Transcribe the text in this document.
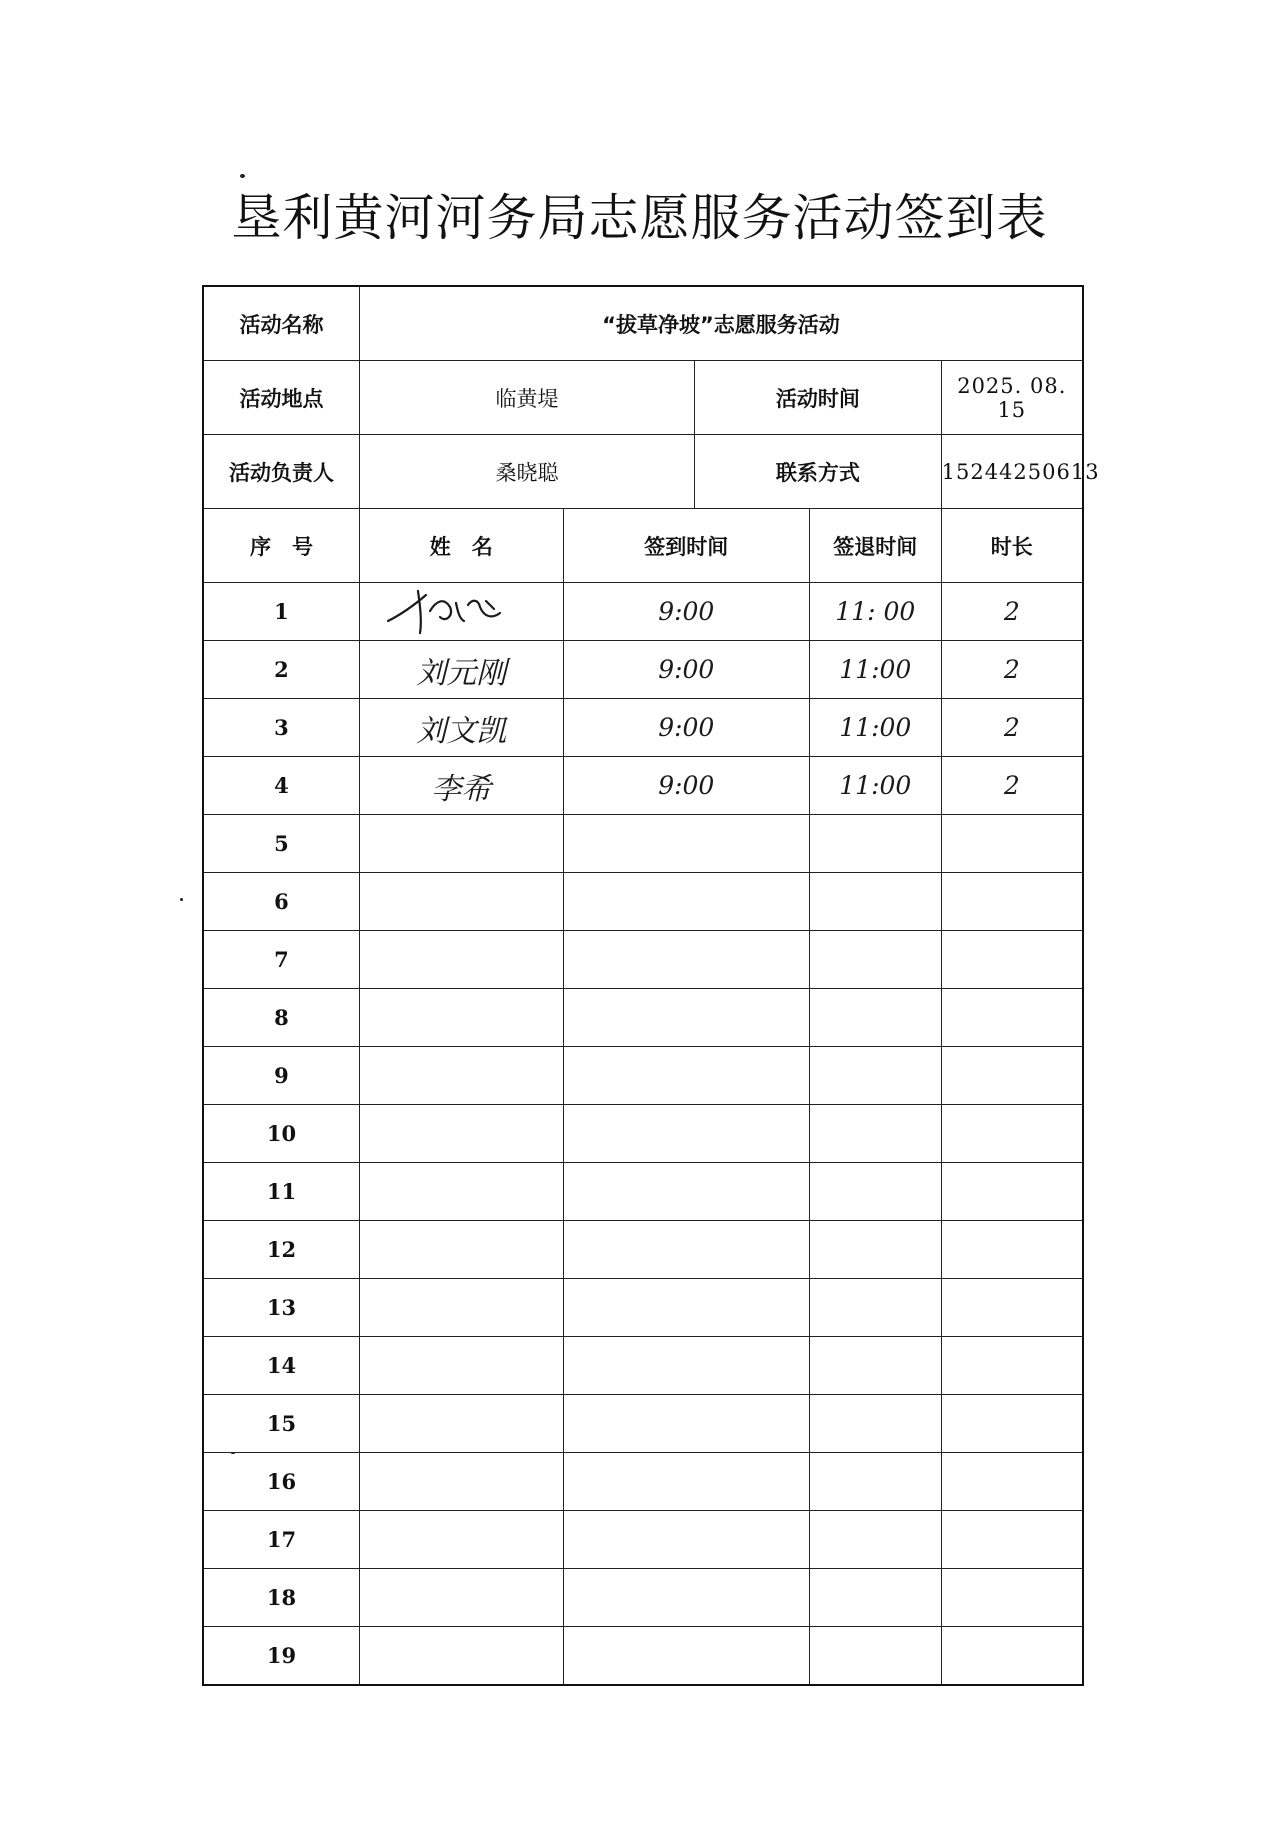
垦利黄河河务局志愿服务活动签到表
活动名称	“拔草净坡”志愿服务活动				
活动地点	临黄堤		活动时间		2025. 08. 15
活动负责人	桑晓聪		联系方式		15244250613
序　号	姓　名	签到时间		签退时间	时长
1		9:00		11: 00	2
2	刘元刚	9:00		11:00	2
3	刘文凯	9:00		11:00	2
4	李希	9:00		11:00	2
5					
6					
7					
8					
9					
10					
11					
12					
13					
14					
15					
16					
17					
18					
19					
